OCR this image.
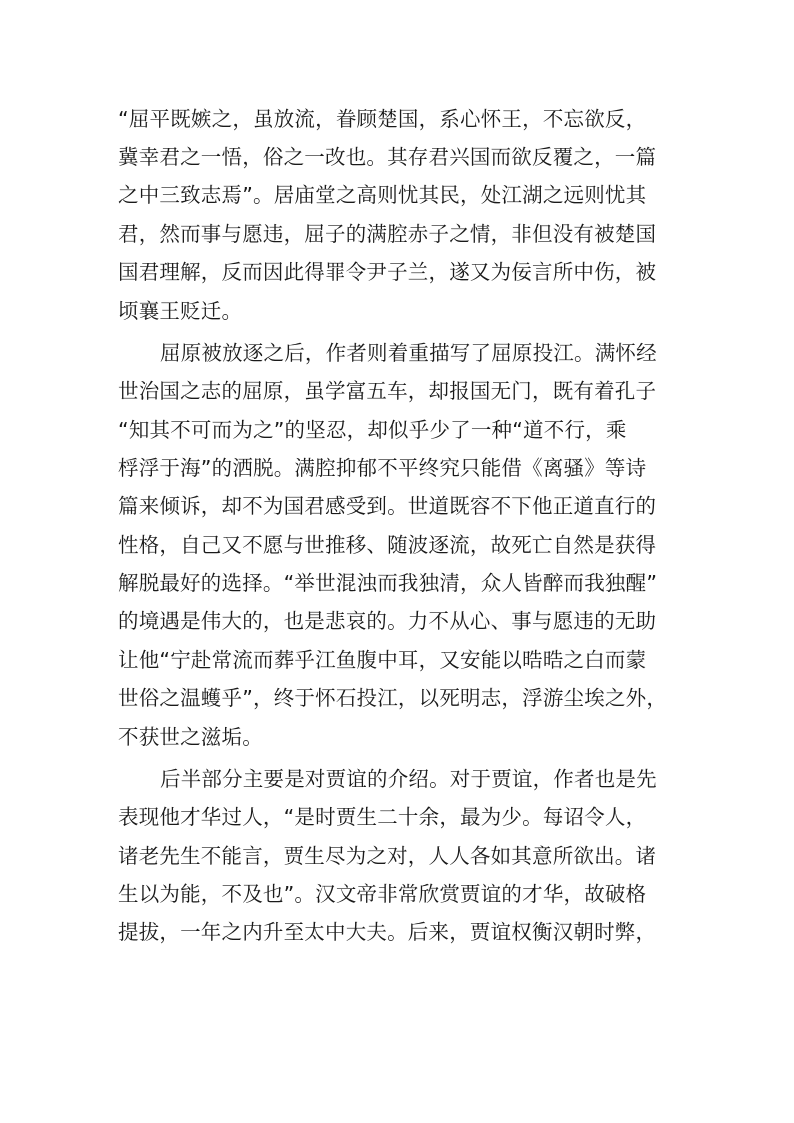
“屈平既嫉之，虽放流，眷顾楚国，系心怀王，不忘欲反，
冀幸君之一悟，俗之一改也。其存君兴国而欲反覆之，一篇
之中三致志焉”。居庙堂之高则忧其民，处江湖之远则忧其
君，然而事与愿违，屈子的满腔赤子之情，非但没有被楚国
国君理解，反而因此得罪令尹子兰，遂又为佞言所中伤，被
顷襄王贬迁。
屈原被放逐之后，作者则着重描写了屈原投江。满怀经
世治国之志的屈原，虽学富五车，却报国无门，既有着孔子
“知其不可而为之”的坚忍，却似乎少了一种“道不行，乘
桴浮于海”的洒脱。满腔抑郁不平终究只能借《离骚》等诗
篇来倾诉，却不为国君感受到。世道既容不下他正道直行的
性格，自己又不愿与世推移、随波逐流，故死亡自然是获得
解脱最好的选择。“举世混浊而我独清，众人皆醉而我独醒”
的境遇是伟大的，也是悲哀的。力不从心、事与愿违的无助
让他“宁赴常流而葬乎江鱼腹中耳，又安能以晧晧之白而蒙
世俗之温蠖乎”，终于怀石投江，以死明志，浮游尘埃之外，
不获世之滋垢。
后半部分主要是对贾谊的介绍。对于贾谊，作者也是先
表现他才华过人，“是时贾生二十余，最为少。每诏令人，
诸老先生不能言，贾生尽为之对，人人各如其意所欲出。诸
生以为能，不及也”。汉文帝非常欣赏贾谊的才华，故破格
提拔，一年之内升至太中大夫。后来，贾谊权衡汉朝时弊，
